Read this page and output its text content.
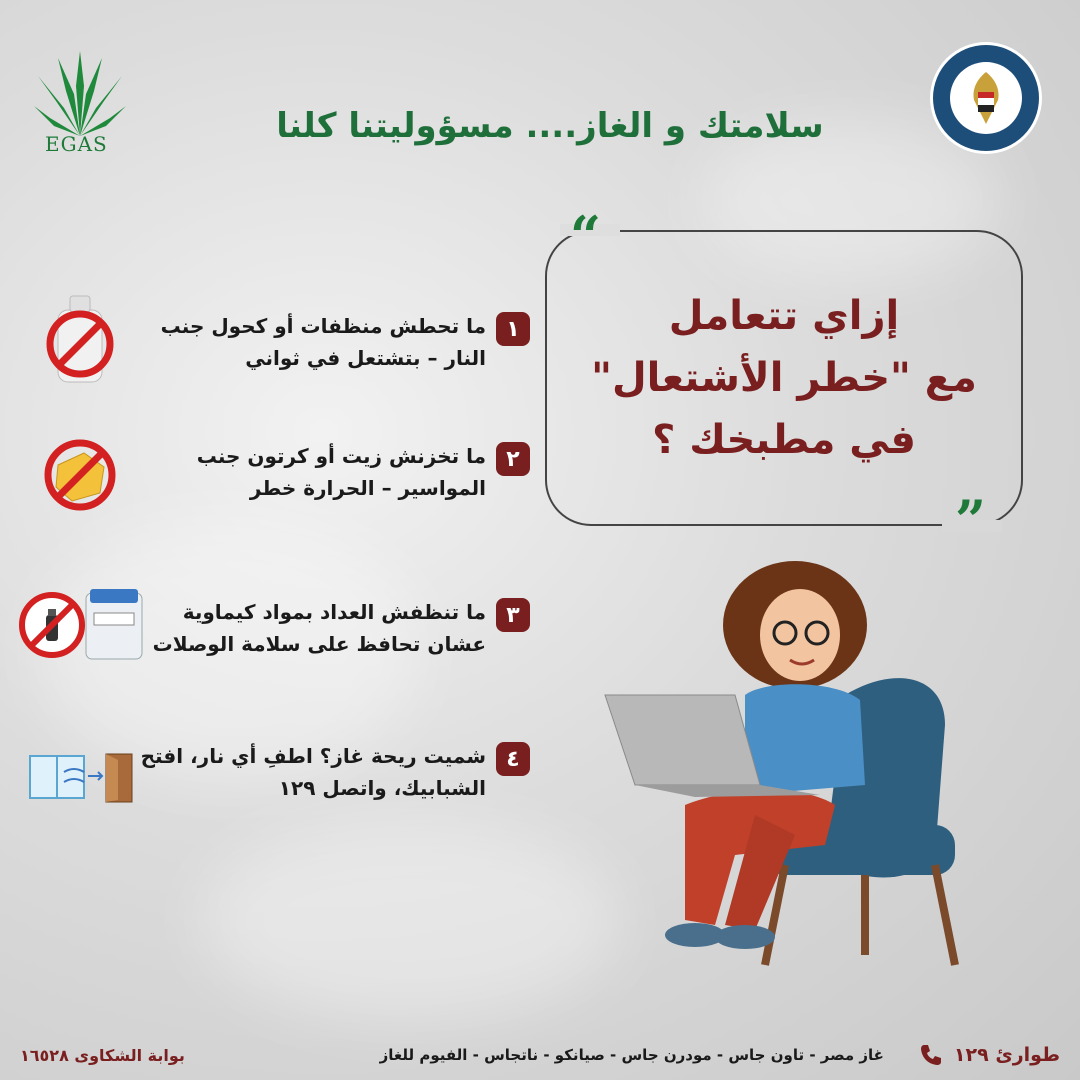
EGAS	سلامتك و الغاز.... مسؤوليتنا كلنا
إزاي تتعامل
مع "خطر الأشتعال"
في مطبخك ؟
“
”
١
ما تحطش منظفات أو كحول جنب
النار – بتشتعل في ثواني
٢
ما تخزنش زيت أو كرتون جنب
المواسير – الحرارة خطر
٣
ما تنظفش العداد بمواد كيماوية
عشان تحافظ على سلامة الوصلات
٤
شميت ريحة غاز؟ اطفِ أي نار، افتح
الشبابيك، واتصل ١٢٩
طوارئ ١٢٩
غاز مصر - تاون جاس - مودرن جاس - صيانكو - ناتجاس - الفيوم للغاز
بوابة الشكاوى ١٦٥٢٨
